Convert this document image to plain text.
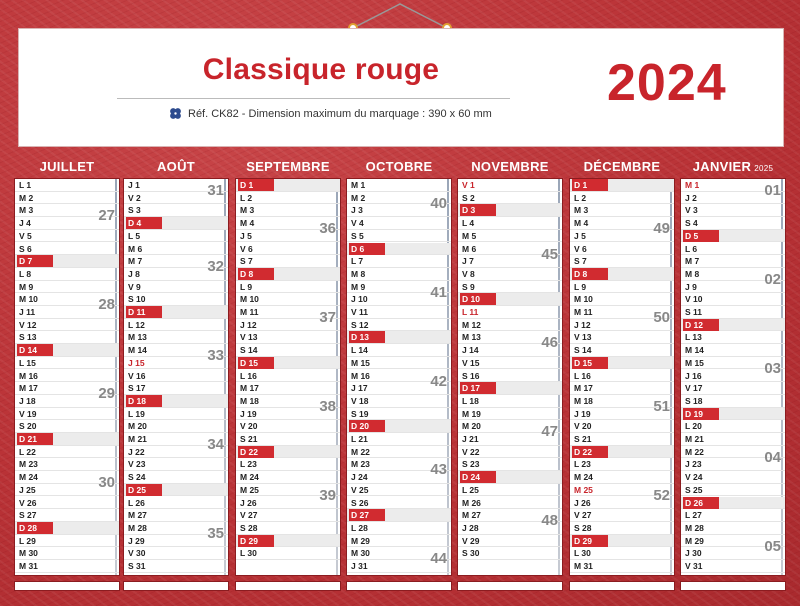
Classique rouge
Réf. CK82 - Dimension maximum du marquage : 390 x 60 mm
2024
JUILLET
L 1
M 2
M 3
J 4
V 5
S 6
D 7
L 8
M 9
M 10
J 11
V 12
S 13
D 14
L 15
M 16
M 17
J 18
V 19
S 20
D 21
L 22
M 23
M 24
J 25
V 26
S 27
D 28
L 29
M 30
M 31
27
28
29
30
AOÛT
J 1
V 2
S 3
D 4
L 5
M 6
M 7
J 8
V 9
S 10
D 11
L 12
M 13
M 14
J 15
V 16
S 17
D 18
L 19
M 20
M 21
J 22
V 23
S 24
D 25
L 26
M 27
M 28
J 29
V 30
S 31
31
32
33
34
35
SEPTEMBRE
D 1
L 2
M 3
M 4
J 5
V 6
S 7
D 8
L 9
M 10
M 11
J 12
V 13
S 14
D 15
L 16
M 17
M 18
J 19
V 20
S 21
D 22
L 23
M 24
M 25
J 26
V 27
S 28
D 29
L 30
36
37
38
39
OCTOBRE
M 1
M 2
J 3
V 4
S 5
D 6
L 7
M 8
M 9
J 10
V 11
S 12
D 13
L 14
M 15
M 16
J 17
V 18
S 19
D 20
L 21
M 22
M 23
J 24
V 25
S 26
D 27
L 28
M 29
M 30
J 31
40
41
42
43
44
NOVEMBRE
V 1
S 2
D 3
L 4
M 5
M 6
J 7
V 8
S 9
D 10
L 11
M 12
M 13
J 14
V 15
S 16
D 17
L 18
M 19
M 20
J 21
V 22
S 23
D 24
L 25
M 26
M 27
J 28
V 29
S 30
45
46
47
48
DÉCEMBRE
D 1
L 2
M 3
M 4
J 5
V 6
S 7
D 8
L 9
M 10
M 11
J 12
V 13
S 14
D 15
L 16
M 17
M 18
J 19
V 20
S 21
D 22
L 23
M 24
M 25
J 26
V 27
S 28
D 29
L 30
M 31
49
50
51
52
JANVIER 2025
M 1
J 2
V 3
S 4
D 5
L 6
M 7
M 8
J 9
V 10
S 11
D 12
L 13
M 14
M 15
J 16
V 17
S 18
D 19
L 20
M 21
M 22
J 23
V 24
S 25
D 26
L 27
M 28
M 29
J 30
V 31
01
02
03
04
05
